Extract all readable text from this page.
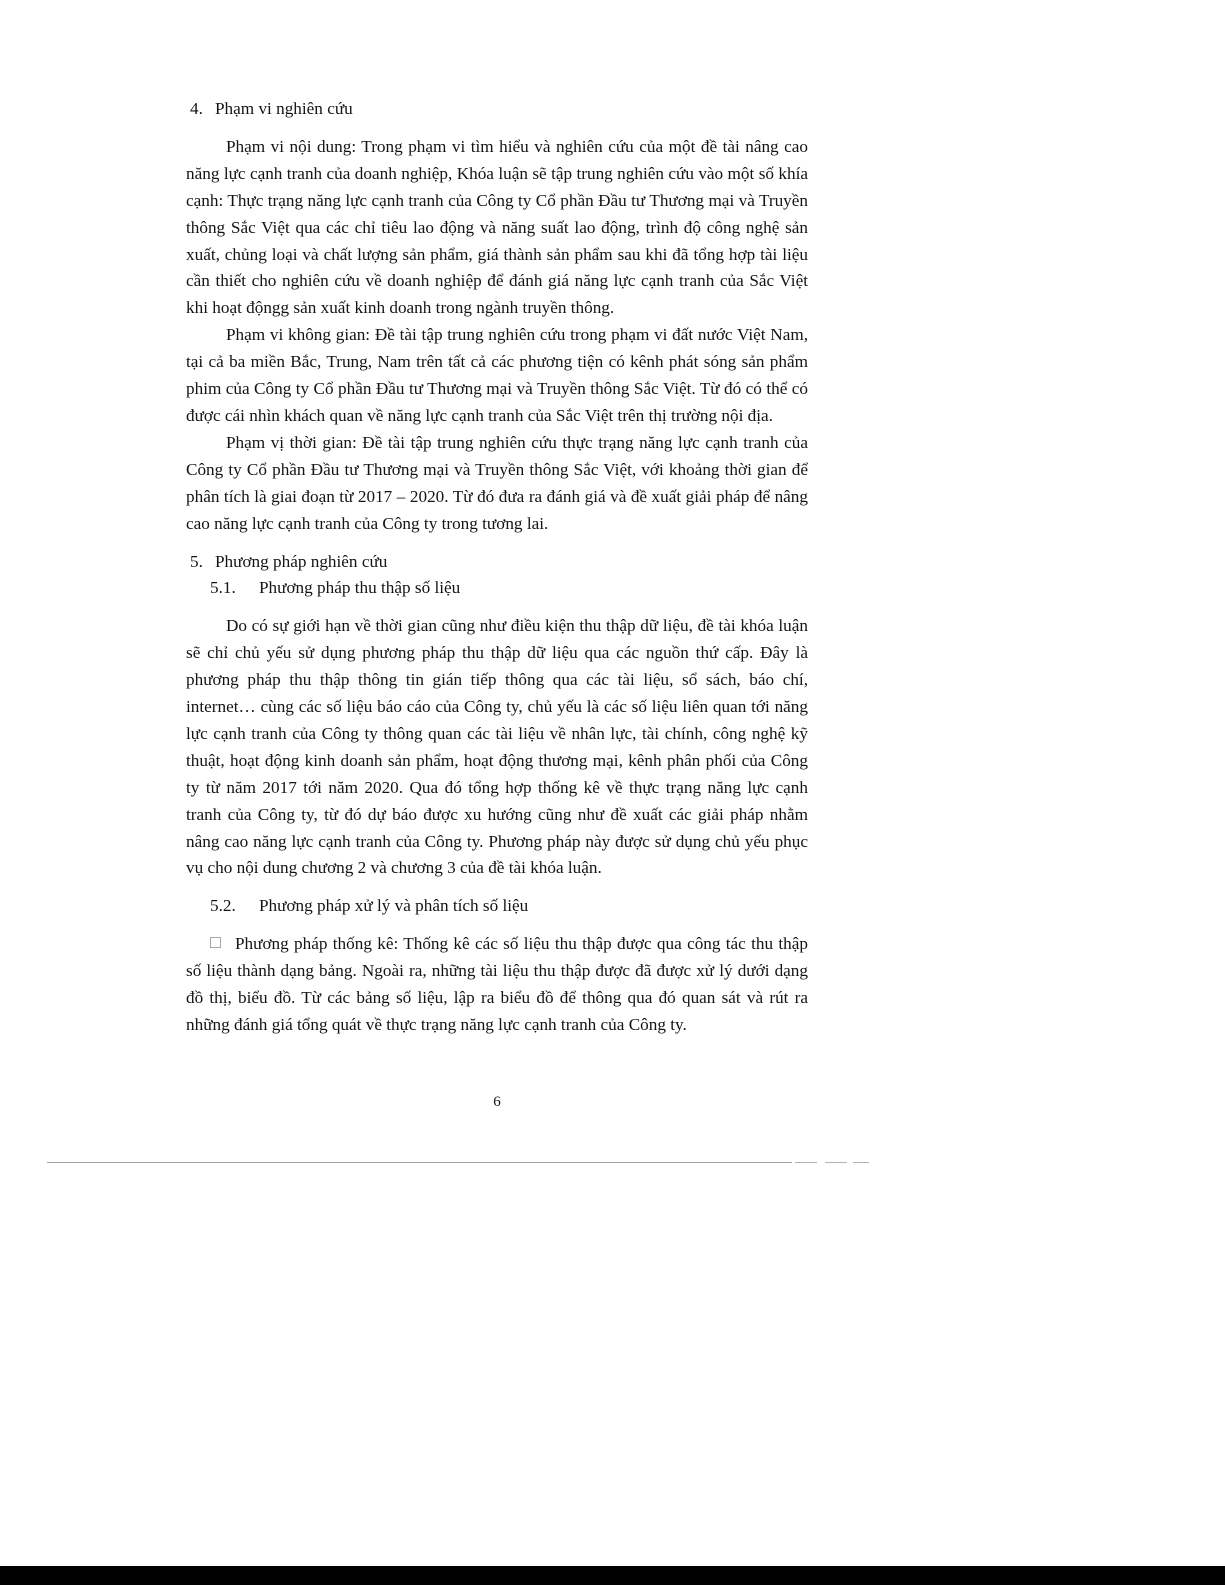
4. Phạm vi nghiên cứu

Phạm vi nội dung: Trong phạm vi tìm hiểu và nghiên cứu của một đề tài nâng cao năng lực cạnh tranh của doanh nghiệp, Khóa luận sẽ tập trung nghiên cứu vào một số khía cạnh: Thực trạng năng lực cạnh tranh của Công ty Cổ phần Đầu tư Thương mại và Truyền thông Sắc Việt qua các chỉ tiêu lao động và năng suất lao động, trình độ công nghệ sản xuất, chủng loại và chất lượng sản phẩm, giá thành sản phẩm sau khi đã tổng hợp tài liệu cần thiết cho nghiên cứu về doanh nghiệp để đánh giá năng lực cạnh tranh của Sắc Việt khi hoạt độngg sản xuất kinh doanh trong ngành truyền thông.

Phạm vi không gian: Đề tài tập trung nghiên cứu trong phạm vi đất nước Việt Nam, tại cả ba miền Bắc, Trung, Nam trên tất cả các phương tiện có kênh phát sóng sản phẩm phim của Công ty Cổ phần Đầu tư Thương mại và Truyền thông Sắc Việt. Từ đó có thể có được cái nhìn khách quan về năng lực cạnh tranh của Sắc Việt trên thị trường nội địa.

Phạm vị thời gian: Đề tài tập trung nghiên cứu thực trạng năng lực cạnh tranh của Công ty Cổ phần Đầu tư Thương mại và Truyền thông Sắc Việt, với khoảng thời gian để phân tích là giai đoạn từ 2017 – 2020. Từ đó đưa ra đánh giá và đề xuất giải pháp để nâng cao năng lực cạnh tranh của Công ty trong tương lai.

5. Phương pháp nghiên cứu

5.1. Phương pháp thu thập số liệu

Do có sự giới hạn về thời gian cũng như điều kiện thu thập dữ liệu, đề tài khóa luận sẽ chỉ chủ yếu sử dụng phương pháp thu thập dữ liệu qua các nguồn thứ cấp. Đây là phương pháp thu thập thông tin gián tiếp thông qua các tài liệu, sổ sách, báo chí, internet… cùng các số liệu báo cáo của Công ty, chủ yếu là các số liệu liên quan tới năng lực cạnh tranh của Công ty thông quan các tài liệu về nhân lực, tài chính, công nghệ kỹ thuật, hoạt động kinh doanh sản phẩm, hoạt động thương mại, kênh phân phối của Công ty từ năm 2017 tới năm 2020. Qua đó tổng hợp thống kê về thực trạng năng lực cạnh tranh của Công ty, từ đó dự báo được xu hướng cũng như đề xuất các giải pháp nhằm nâng cao năng lực cạnh tranh của Công ty. Phương pháp này được sử dụng chủ yếu phục vụ cho nội dung chương 2 và chương 3 của đề tài khóa luận.

5.2. Phương pháp xử lý và phân tích số liệu

Phương pháp thống kê: Thống kê các số liệu thu thập được qua công tác thu thập số liệu thành dạng bảng. Ngoài ra, những tài liệu thu thập được đã được xử lý dưới dạng đồ thị, biểu đồ. Từ các bảng số liệu, lập ra biểu đồ để thông qua đó quan sát và rút ra những đánh giá tổng quát về thực trạng năng lực cạnh tranh của Công ty.

6
